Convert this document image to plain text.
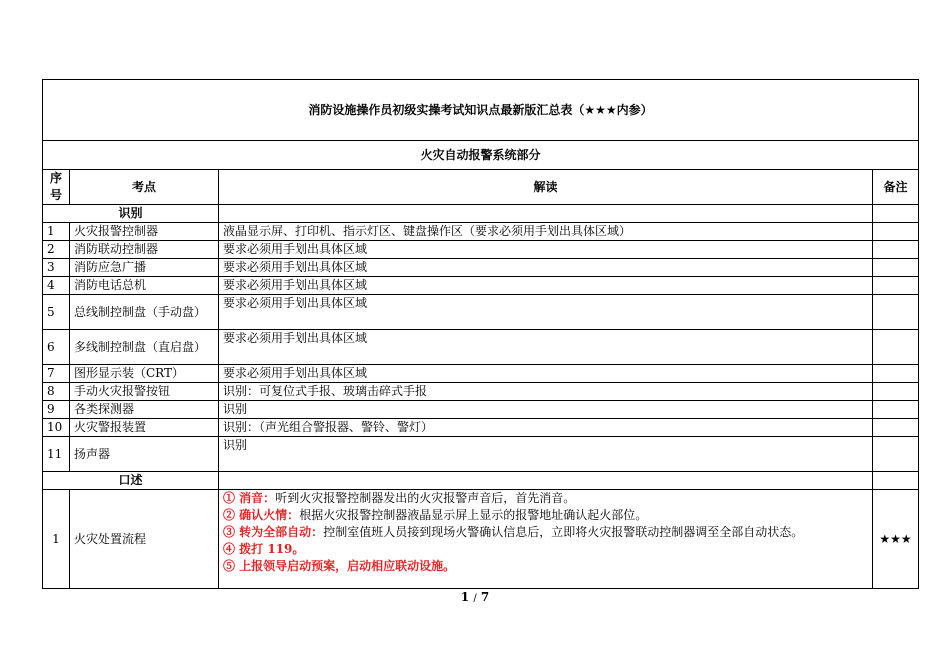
消防设施操作员初级实操考试知识点最新版汇总表（★★★内参）			
火灾自动报警系统部分			
序号	考点	解读	备注
识别			
1	火灾报警控制器	液晶显示屏、打印机、指示灯区、键盘操作区（要求必须用手划出具体区域）	
2	消防联动控制器	要求必须用手划出具体区域	
3	消防应急广播	要求必须用手划出具体区域	
4	消防电话总机	要求必须用手划出具体区域	
5	总线制控制盘（手动盘）	要求必须用手划出具体区域	
6	多线制控制盘（直启盘）	要求必须用手划出具体区域	
7	图形显示装（CRT）	要求必须用手划出具体区域	
8	手动火灾报警按钮	识别：可复位式手报、玻璃击碎式手报	
9	各类探测器	识别	
10	火灾警报装置	识别：（声光组合警报器、警铃、警灯）	
11	扬声器	识别	
口述			
1	火灾处置流程	① 消音：听到火灾报警控制器发出的火灾报警声音后，首先消音。
② 确认火情：根据火灾报警控制器液晶显示屏上显示的报警地址确认起火部位。
③ 转为全部自动：控制室值班人员接到现场火警确认信息后，立即将火灾报警联动控制器调至全部自动状态。
④ 拨打 119。
⑤ 上报领导启动预案，启动相应联动设施。	★★★
1 / 7
